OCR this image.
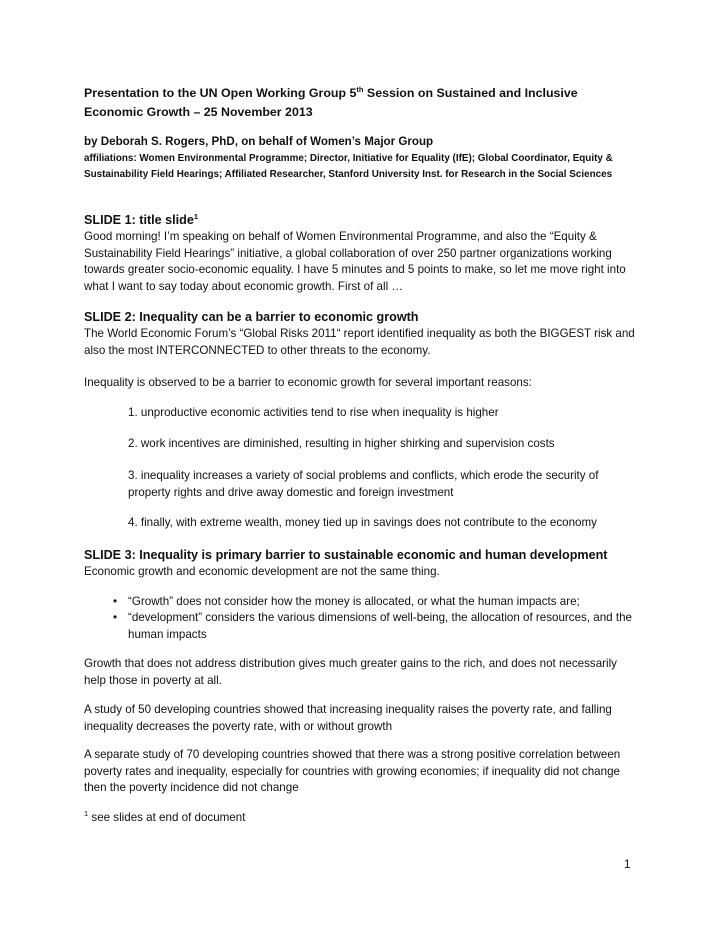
Presentation to the UN Open Working Group 5th Session on Sustained and Inclusive Economic Growth – 25 November 2013
by Deborah S. Rogers, PhD, on behalf of Women’s Major Group
affiliations: Women Environmental Programme; Director, Initiative for Equality (IfE); Global Coordinator, Equity & Sustainability Field Hearings; Affiliated Researcher, Stanford University Inst. for Research in the Social Sciences
SLIDE 1: title slide$^1$
Good morning! I’m speaking on behalf of Women Environmental Programme, and also the “Equity & Sustainability Field Hearings” initiative, a global collaboration of over 250 partner organizations working towards greater socio-economic equality. I have 5 minutes and 5 points to make, so let me move right into what I want to say today about economic growth. First of all …
SLIDE 2: Inequality can be a barrier to economic growth
The World Economic Forum’s “Global Risks 2011“ report identified inequality as both the BIGGEST risk and also the most INTERCONNECTED to other threats to the economy.
Inequality is observed to be a barrier to economic growth for several important reasons:
1. unproductive economic activities tend to rise when inequality is higher
2. work incentives are diminished, resulting in higher shirking and supervision costs
3. inequality increases a variety of social problems and conflicts, which erode the security of property rights and drive away domestic and foreign investment
4. finally, with extreme wealth, money tied up in savings does not contribute to the economy
SLIDE 3: Inequality is primary barrier to sustainable economic and human development
Economic growth and economic development are not the same thing.
• “Growth” does not consider how the money is allocated, or what the human impacts are;
• “development” considers the various dimensions of well-being, the allocation of resources, and the human impacts
Growth that does not address distribution gives much greater gains to the rich, and does not necessarily help those in poverty at all.
A study of 50 developing countries showed that increasing inequality raises the poverty rate, and falling inequality decreases the poverty rate, with or without growth
A separate study of 70 developing countries showed that there was a strong positive correlation between poverty rates and inequality, especially for countries with growing economies; if inequality did not change then the poverty incidence did not change
$^1$ see slides at end of document
1
